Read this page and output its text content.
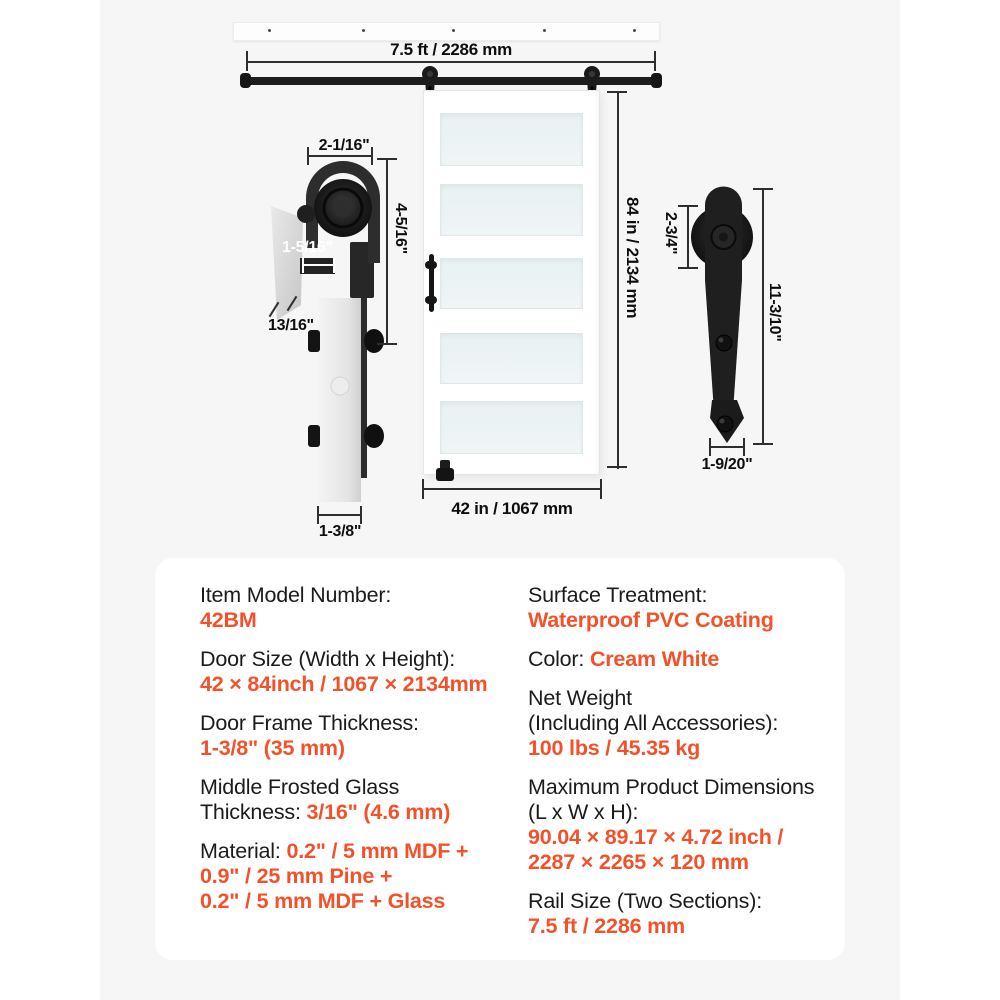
7.5 ft / 2286 mm
84 in / 2134 mm
42 in / 1067 mm
2-1/16"
4-5/16"
1-5/16"
13/16"
1-3/8"
2-3/4"
11-3/10"
1-9/20"

Item Model Number:
42BM

Door Size (Width x Height):
42 × 84inch / 1067 × 2134mm

Door Frame Thickness:
1-3/8" (35 mm)

Middle Frosted Glass
Thickness: 3/16" (4.6 mm)

Material: 0.2" / 5 mm MDF +
0.9" / 25 mm Pine +
0.2" / 5 mm MDF + Glass

Surface Treatment:
Waterproof PVC Coating

Color: Cream White

Net Weight
(Including All Accessories):
100 lbs / 45.35 kg

Maximum Product Dimensions
(L x W x H):
90.04 × 89.17 × 4.72 inch /
2287 × 2265 × 120 mm

Rail Size (Two Sections):
7.5 ft / 2286 mm
